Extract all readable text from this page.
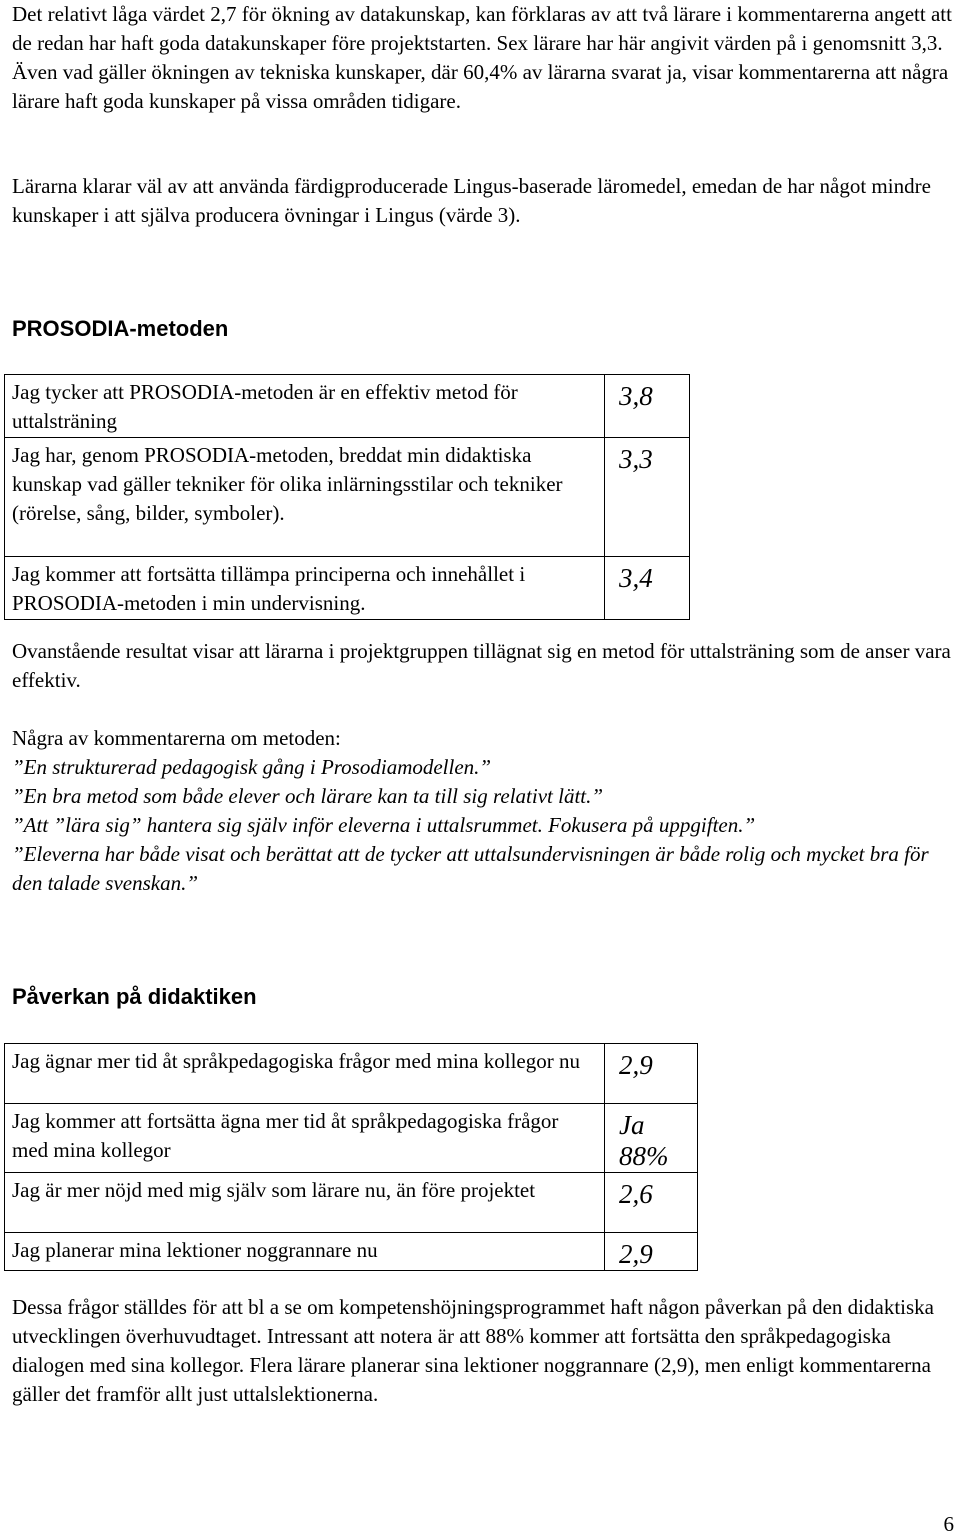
Det relativt låga värdet 2,7 för ökning av datakunskap, kan förklaras av att två lärare i kommentarerna angett att de redan har haft goda datakunskaper före projektstarten. Sex lärare har här angivit värden på i genomsnitt 3,3. Även vad gäller ökningen av tekniska kunskaper, där 60,4% av lärarna svarat ja, visar kommentarerna att några lärare haft goda kunskaper på vissa områden tidigare.

Lärarna klarar väl av att använda färdigproducerade Lingus-baserade läromedel, emedan de har något mindre kunskaper i att själva producera övningar i Lingus (värde 3).

PROSODIA-metoden
Jag tycker att PROSODIA-metoden är en effektiv metod för uttalsträning	3,8
Jag har, genom PROSODIA-metoden, breddat min didaktiska kunskap vad gäller tekniker för olika inlärningsstilar och tekniker (rörelse, sång, bilder, symboler).	3,3
Jag kommer att fortsätta tillämpa principerna och innehållet i PROSODIA-metoden i min undervisning.	3,4

Ovanstående resultat visar att lärarna i projektgruppen tillägnat sig en metod för uttalsträning som de anser vara effektiv.

Några av kommentarerna om metoden:

”En strukturerad pedagogisk gång i Prosodiamodellen.”

”En bra metod som både elever och lärare kan ta till sig relativt lätt.”

”Att ”lära sig” hantera sig själv inför eleverna i uttalsrummet. Fokusera på uppgiften.”

”Eleverna har både visat och berättat att de tycker att uttalsundervisningen är både rolig och mycket bra för den talade svenskan.”

Påverkan på didaktiken
Jag ägnar mer tid åt språkpedagogiska frågor med mina kollegor nu	2,9
Jag kommer att fortsätta ägna mer tid åt språkpedagogiska frågor med mina kollegor	Ja 88%
Jag är mer nöjd med mig själv som lärare nu, än före projektet	2,6
Jag planerar mina lektioner noggrannare nu	2,9

Dessa frågor ställdes för att bl a se om kompetenshöjningsprogrammet haft någon påverkan på den didaktiska utvecklingen överhuvudtaget. Intressant att notera är att 88% kommer att fortsätta den språkpedagogiska dialogen med sina kollegor. Flera lärare planerar sina lektioner noggrannare (2,9), men enligt kommentarerna gäller det framför allt just uttalslektionerna.

6
